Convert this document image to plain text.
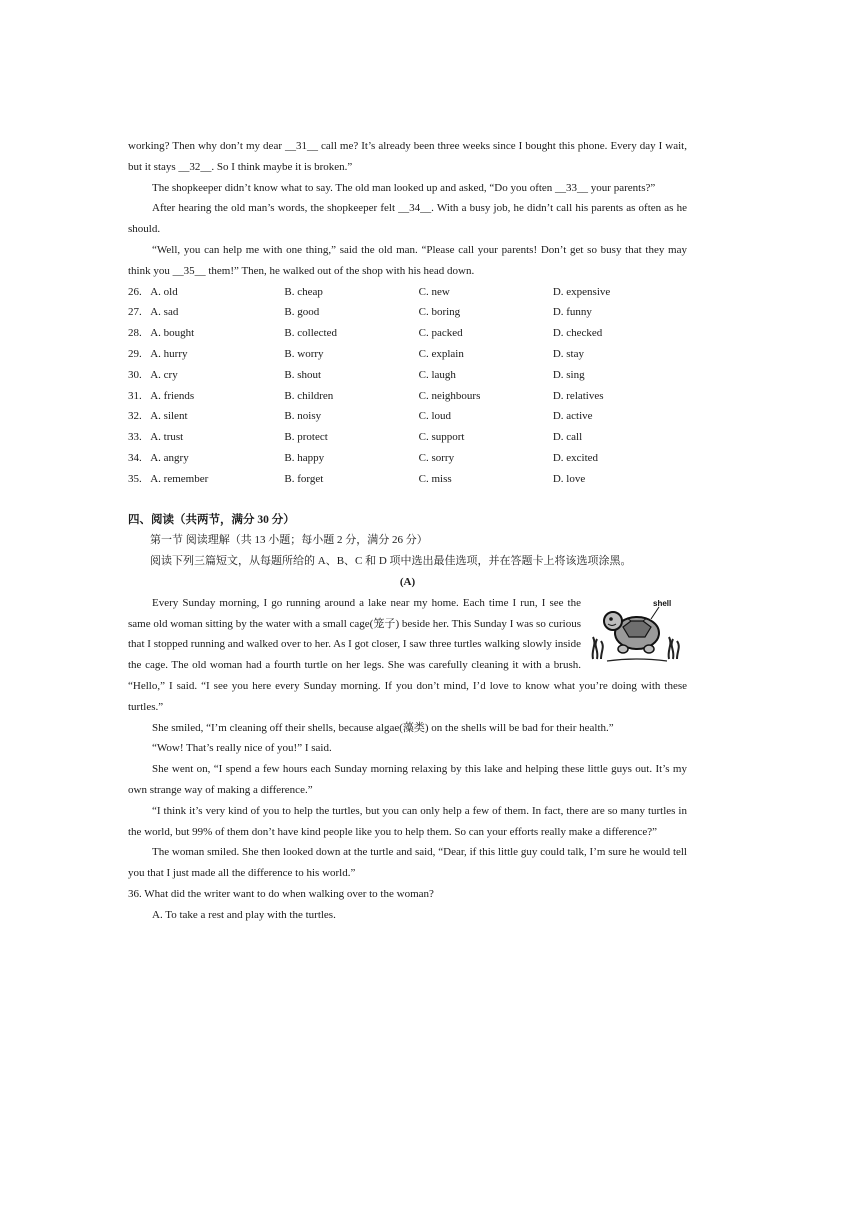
working? Then why don’t my dear __31__ call me? It’s already been three weeks since I bought this phone. Every day I wait, but it stays __32__. So I think maybe it is broken.”

The shopkeeper didn’t know what to say. The old man looked up and asked, “Do you often __33__ your parents?”

After hearing the old man’s words, the shopkeeper felt __34__. With a busy job, he didn’t call his parents as often as he should.

“Well, you can help me with one thing,” said the old man. “Please call your parents! Don’t get so busy that they may think you __35__ them!” Then, he walked out of the shop with his head down.

26. A. old	B. cheap	C. new	D. expensive
27. A. sad	B. good	C. boring	D. funny
28. A. bought	B. collected	C. packed	D. checked
29. A. hurry	B. worry	C. explain	D. stay
30. A. cry	B. shout	C. laugh	D. sing
31. A. friends	B. children	C. neighbours	D. relatives
32. A. silent	B. noisy	C. loud	D. active
33. A. trust	B. protect	C. support	D. call
34. A. angry	B. happy	C. sorry	D. excited
35. A. remember	B. forget	C. miss	D. love
四、阅读（共两节，满分 30 分）
第一节 阅读理解（共 13 小题；每小题 2 分，满分 26 分）
阅读下列三篇短文，从每题所给的 A、B、C 和 D 项中选出最佳选项，并在答题卡上将该选项涂黑。
(A)
shell

Every Sunday morning, I go running around a lake near my home. Each time I run, I see the same old woman sitting by the water with a small cage(笼子) beside her. This Sunday I was so curious that I stopped running and walked over to her. As I got closer, I saw three turtles walking slowly inside the cage. The old woman had a fourth turtle on her legs. She was carefully cleaning it with a brush. “Hello,” I said. “I see you here every Sunday morning. If you don’t mind, I’d love to know what you’re doing with these turtles.”

She smiled, “I’m cleaning off their shells, because algae(藻类) on the shells will be bad for their health.”

“Wow! That’s really nice of you!” I said.

She went on, “I spend a few hours each Sunday morning relaxing by this lake and helping these little guys out. It’s my own strange way of making a difference.”

“I think it’s very kind of you to help the turtles, but you can only help a few of them. In fact, there are so many turtles in the world, but 99% of them don’t have kind people like you to help them. So can your efforts really make a difference?”

The woman smiled. She then looked down at the turtle and said, “Dear, if this little guy could talk, I’m sure he would tell you that I just made all the difference to his world.”

36. What did the writer want to do when walking over to the woman?

A. To take a rest and play with the turtles.
